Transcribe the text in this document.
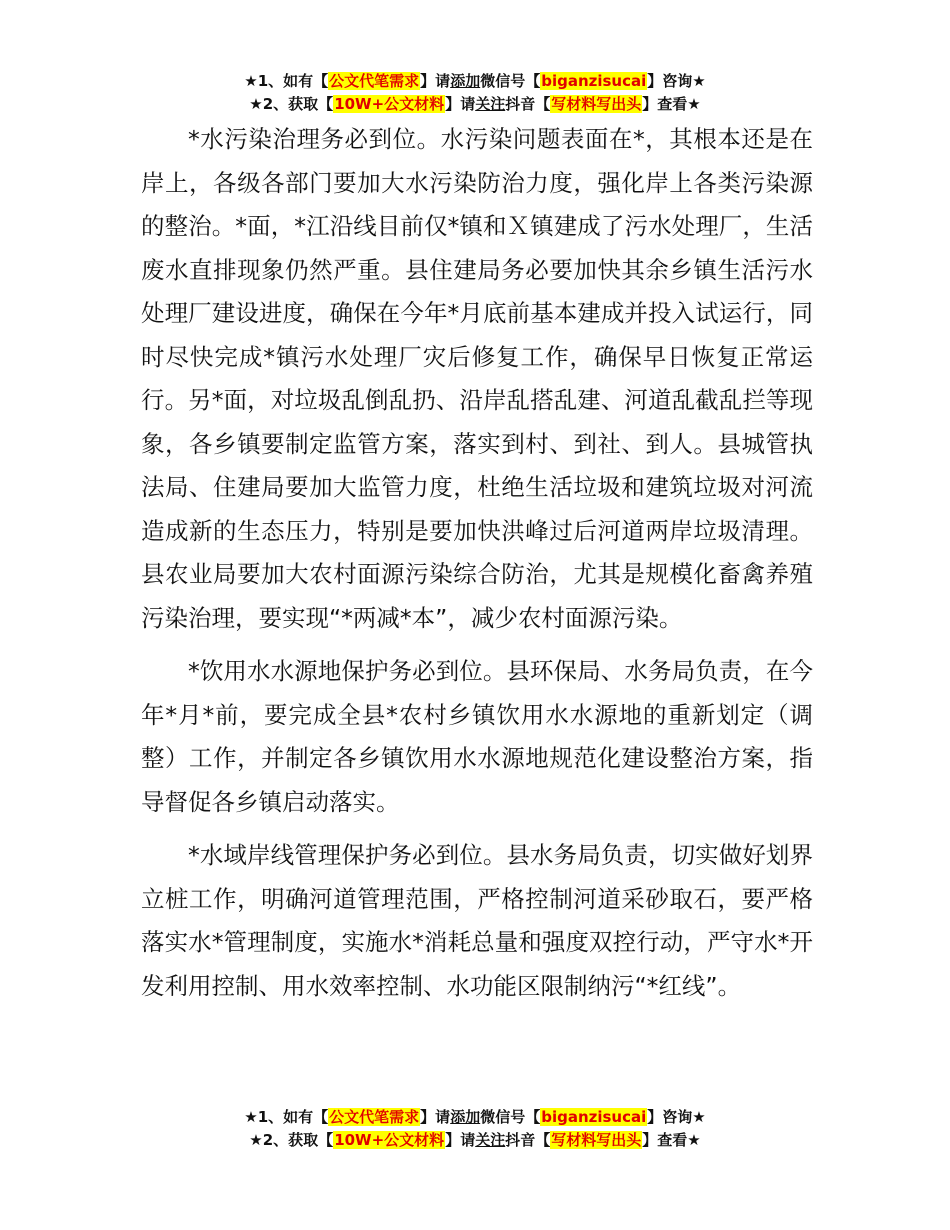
★1、如有【公文代笔需求】请添加微信号【biganzisucai】咨询★
★2、获取【10W+公文材料】请关注抖音【写材料写出头】查看★

*水污染治理务必到位。水污染问题表面在*，其根本还是在岸上，各级各部门要加大水污染防治力度，强化岸上各类污染源的整治。*面，*江沿线目前仅*镇和Ｘ镇建成了污水处理厂，生活废水直排现象仍然严重。县住建局务必要加快其余乡镇生活污水处理厂建设进度，确保在今年*月底前基本建成并投入试运行，同时尽快完成*镇污水处理厂灾后修复工作，确保早日恢复正常运行。另*面，对垃圾乱倒乱扔、沿岸乱搭乱建、河道乱截乱拦等现象，各乡镇要制定监管方案，落实到村、到社、到人。县城管执法局、住建局要加大监管力度，杜绝生活垃圾和建筑垃圾对河流造成新的生态压力，特别是要加快洪峰过后河道两岸垃圾清理。县农业局要加大农村面源污染综合防治，尤其是规模化畜禽养殖污染治理，要实现“*两减*本”，减少农村面源污染。

*饮用水水源地保护务必到位。县环保局、水务局负责，在今年*月*前，要完成全县*农村乡镇饮用水水源地的重新划定（调整）工作，并制定各乡镇饮用水水源地规范化建设整治方案，指导督促各乡镇启动落实。

*水域岸线管理保护务必到位。县水务局负责，切实做好划界立桩工作，明确河道管理范围，严格控制河道采砂取石，要严格落实水*管理制度，实施水*消耗总量和强度双控行动，严守水*开发利用控制、用水效率控制、水功能区限制纳污“*红线”。

★1、如有【公文代笔需求】请添加微信号【biganzisucai】咨询★
★2、获取【10W+公文材料】请关注抖音【写材料写出头】查看★
